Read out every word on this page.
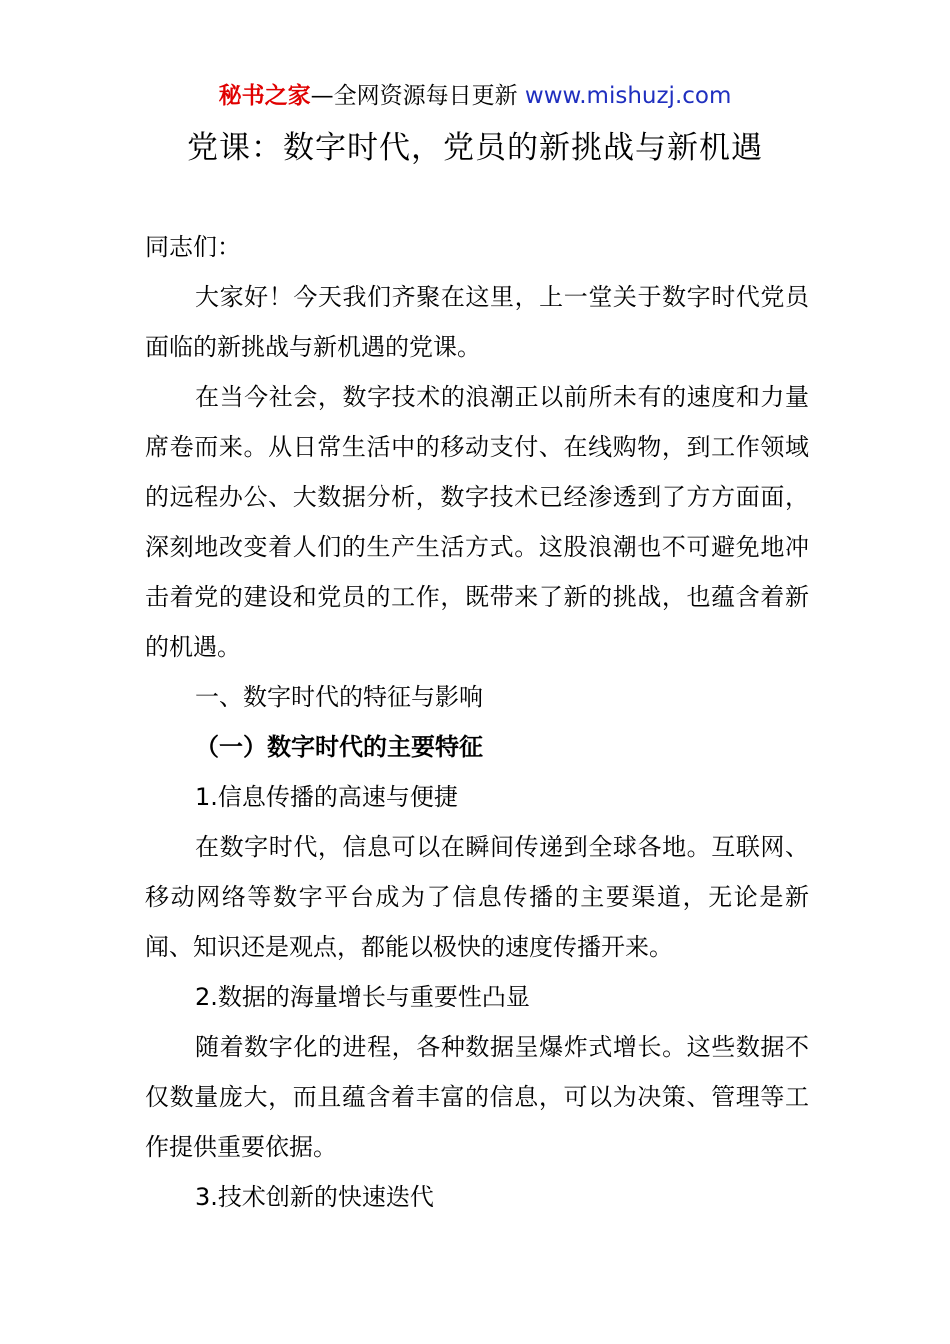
秘书之家—全网资源每日更新 www.mishuzj.com
党课：数字时代，党员的新挑战与新机遇

同志们：

大家好！今天我们齐聚在这里，上一堂关于数字时代党员面临的新挑战与新机遇的党课。

在当今社会，数字技术的浪潮正以前所未有的速度和力量席卷而来。从日常生活中的移动支付、在线购物，到工作领域的远程办公、大数据分析，数字技术已经渗透到了方方面面，深刻地改变着人们的生产生活方式。这股浪潮也不可避免地冲击着党的建设和党员的工作，既带来了新的挑战，也蕴含着新的机遇。

一、数字时代的特征与影响

（一）数字时代的主要特征

1.信息传播的高速与便捷

在数字时代，信息可以在瞬间传递到全球各地。互联网、移动网络等数字平台成为了信息传播的主要渠道，无论是新闻、知识还是观点，都能以极快的速度传播开来。

2.数据的海量增长与重要性凸显

随着数字化的进程，各种数据呈爆炸式增长。这些数据不仅数量庞大，而且蕴含着丰富的信息，可以为决策、管理等工作提供重要依据。

3.技术创新的快速迭代
